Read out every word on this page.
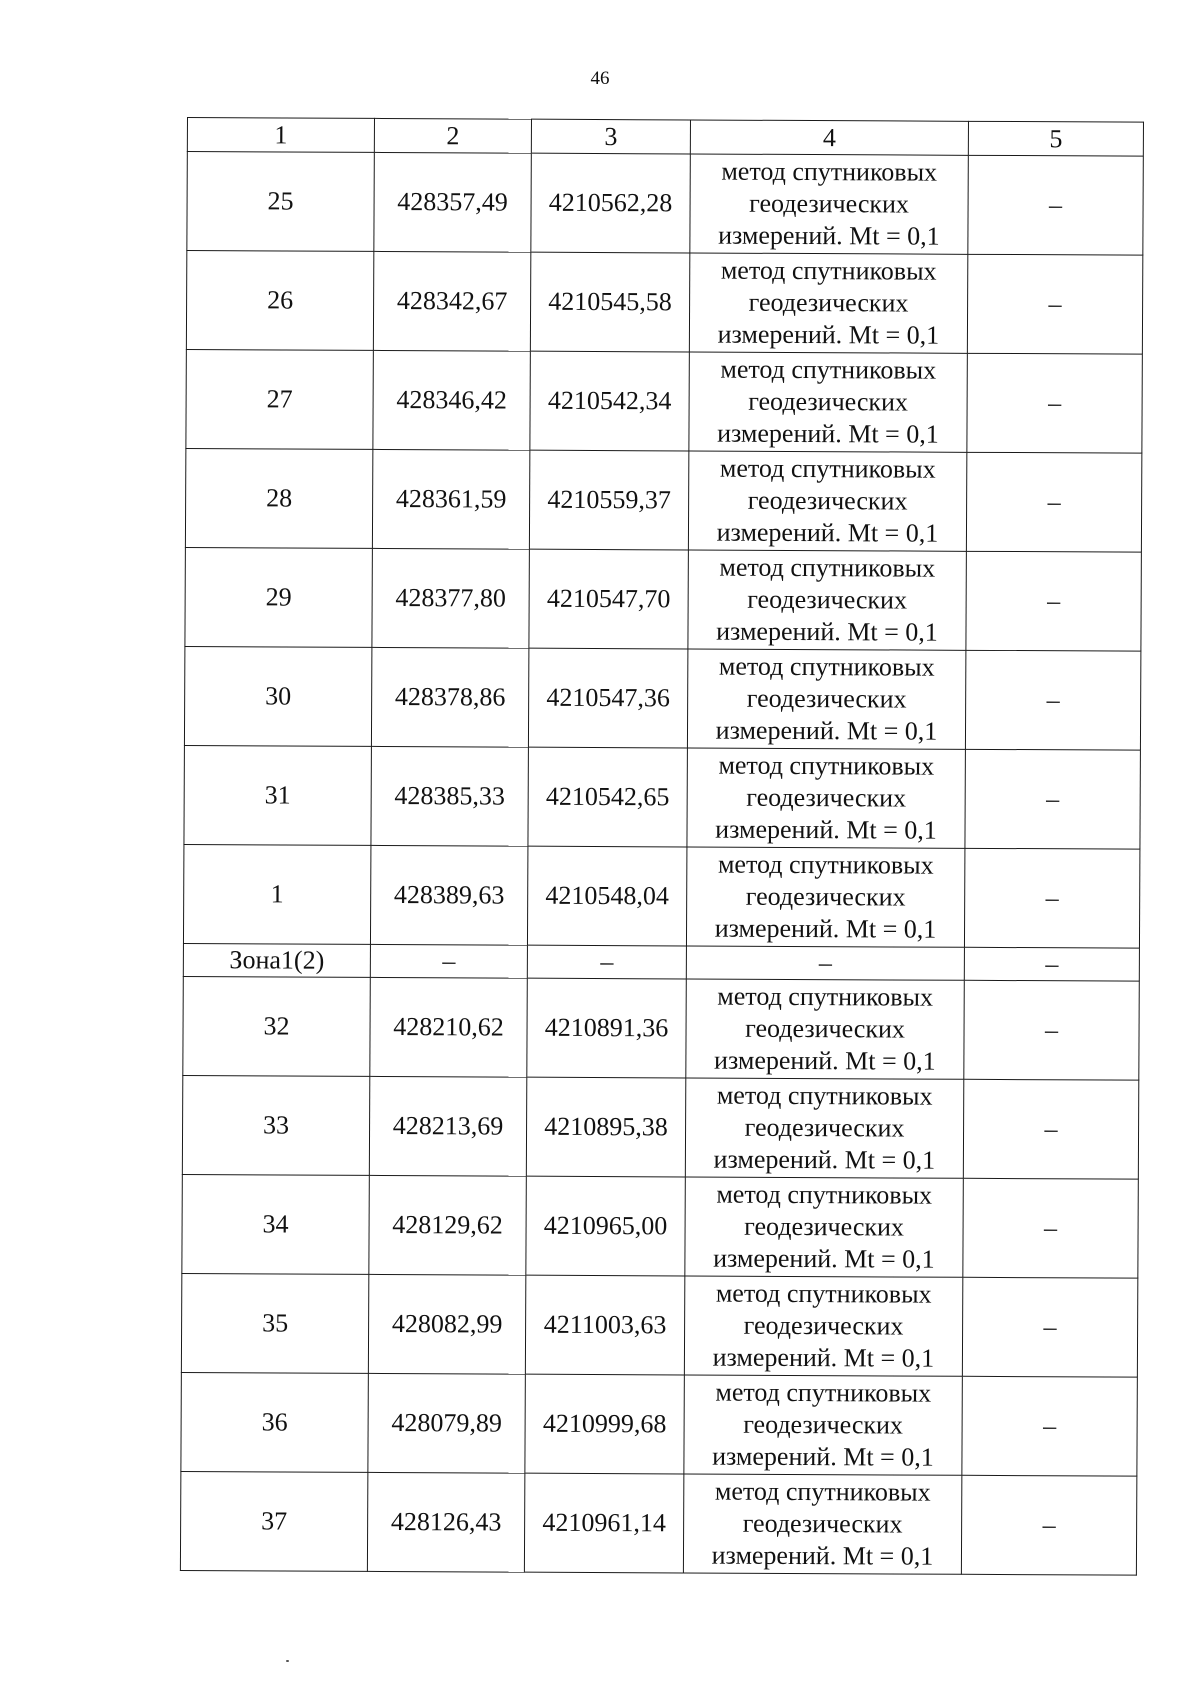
46
1	2	3	4	5
25	428357,49	4210562,28	метод спутниковых
геодезических
измерений. Mt = 0,1	–
26	428342,67	4210545,58	метод спутниковых
геодезических
измерений. Mt = 0,1	–
27	428346,42	4210542,34	метод спутниковых
геодезических
измерений. Mt = 0,1	–
28	428361,59	4210559,37	метод спутниковых
геодезических
измерений. Mt = 0,1	–
29	428377,80	4210547,70	метод спутниковых
геодезических
измерений. Mt = 0,1	–
30	428378,86	4210547,36	метод спутниковых
геодезических
измерений. Mt = 0,1	–
31	428385,33	4210542,65	метод спутниковых
геодезических
измерений. Mt = 0,1	–
1	428389,63	4210548,04	метод спутниковых
геодезических
измерений. Mt = 0,1	–
Зона1(2)	–	–	–	–
32	428210,62	4210891,36	метод спутниковых
геодезических
измерений. Mt = 0,1	–
33	428213,69	4210895,38	метод спутниковых
геодезических
измерений. Mt = 0,1	–
34	428129,62	4210965,00	метод спутниковых
геодезических
измерений. Mt = 0,1	–
35	428082,99	4211003,63	метод спутниковых
геодезических
измерений. Mt = 0,1	–
36	428079,89	4210999,68	метод спутниковых
геодезических
измерений. Mt = 0,1	–
37	428126,43	4210961,14	метод спутниковых
геодезических
измерений. Mt = 0,1	–
